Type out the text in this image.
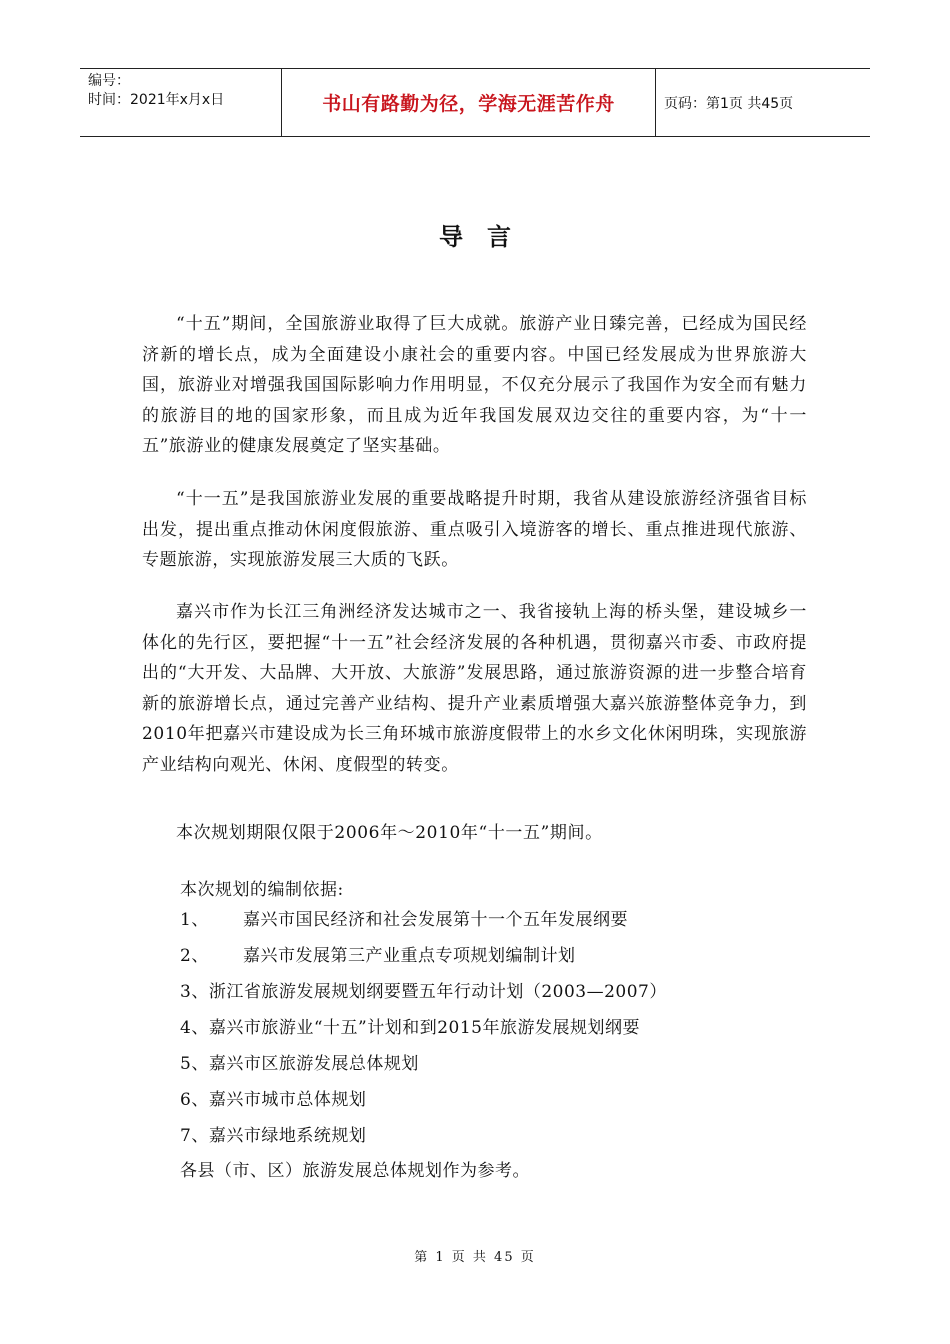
编号：
时间：2021年x月x日	书山有路勤为径，学海无涯苦作舟	页码：第1页 共45页
导言
“十五”期间，全国旅游业取得了巨大成就。旅游产业日臻完善，已经成为国民经济新的增长点，成为全面建设小康社会的重要内容。中国已经发展成为世界旅游大国，旅游业对增强我国国际影响力作用明显，不仅充分展示了我国作为安全而有魅力的旅游目的地的国家形象，而且成为近年我国发展双边交往的重要内容，为“十一五”旅游业的健康发展奠定了坚实基础。
“十一五”是我国旅游业发展的重要战略提升时期，我省从建设旅游经济强省目标出发，提出重点推动休闲度假旅游、重点吸引入境游客的增长、重点推进现代旅游、专题旅游，实现旅游发展三大质的飞跃。
嘉兴市作为长江三角洲经济发达城市之一、我省接轨上海的桥头堡，建设城乡一体化的先行区，要把握“十一五”社会经济发展的各种机遇，贯彻嘉兴市委、市政府提出的“大开发、大品牌、大开放、大旅游”发展思路，通过旅游资源的进一步整合培育新的旅游增长点，通过完善产业结构、提升产业素质增强大嘉兴旅游整体竞争力，到2010年把嘉兴市建设成为长三角环城市旅游度假带上的水乡文化休闲明珠，实现旅游产业结构向观光、休闲、度假型的转变。
本次规划期限仅限于2006年～2010年“十一五”期间。
本次规划的编制依据:
1、 嘉兴市国民经济和社会发展第十一个五年发展纲要
2、 嘉兴市发展第三产业重点专项规划编制计划
3、浙江省旅游发展规划纲要暨五年行动计划（2003—2007）
4、嘉兴市旅游业“十五”计划和到2015年旅游发展规划纲要
5、嘉兴市区旅游发展总体规划
6、嘉兴市城市总体规划
7、嘉兴市绿地系统规划
各县（市、区）旅游发展总体规划作为参考。
第 1 页 共 45 页
